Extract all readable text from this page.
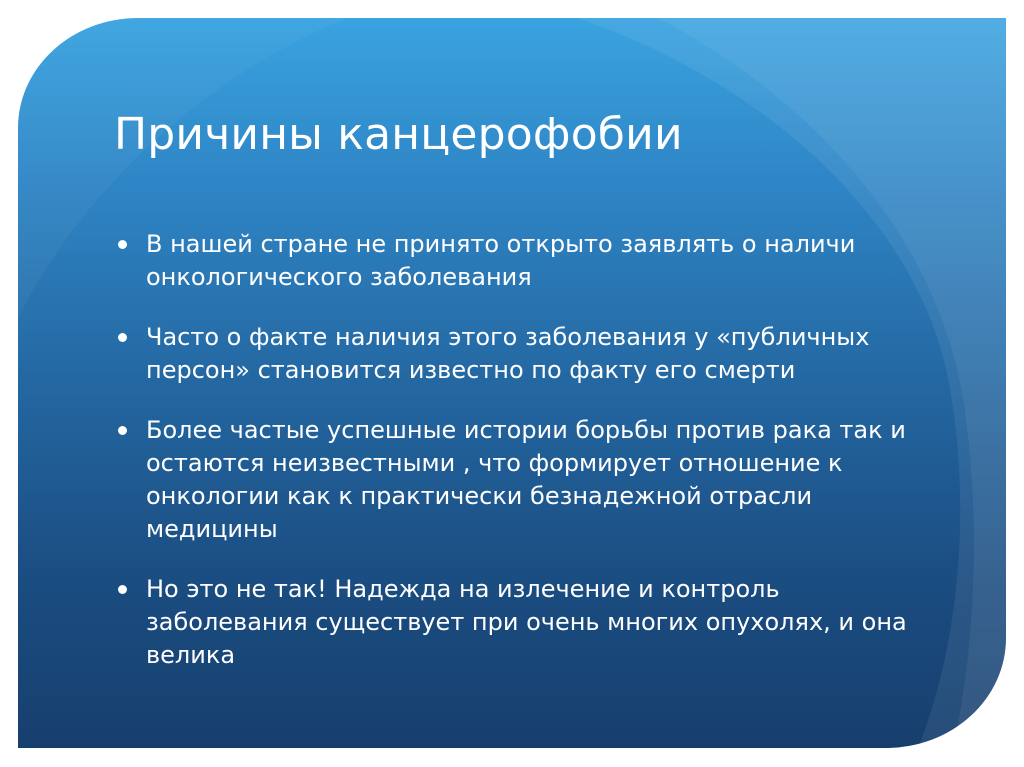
Причины канцерофобии
В нашей стране не принято открыто заявлять о наличи онкологического заболевания
Часто о факте наличия этого заболевания у «публичных персон» становится известно по факту его смерти
Более частые успешные истории борьбы против рака так и остаются неизвестными , что формирует отношение к онкологии как к практически безнадежной отрасли медицины
Но это не так! Надежда на излечение и контроль заболевания существует при очень многих опухолях, и она велика
